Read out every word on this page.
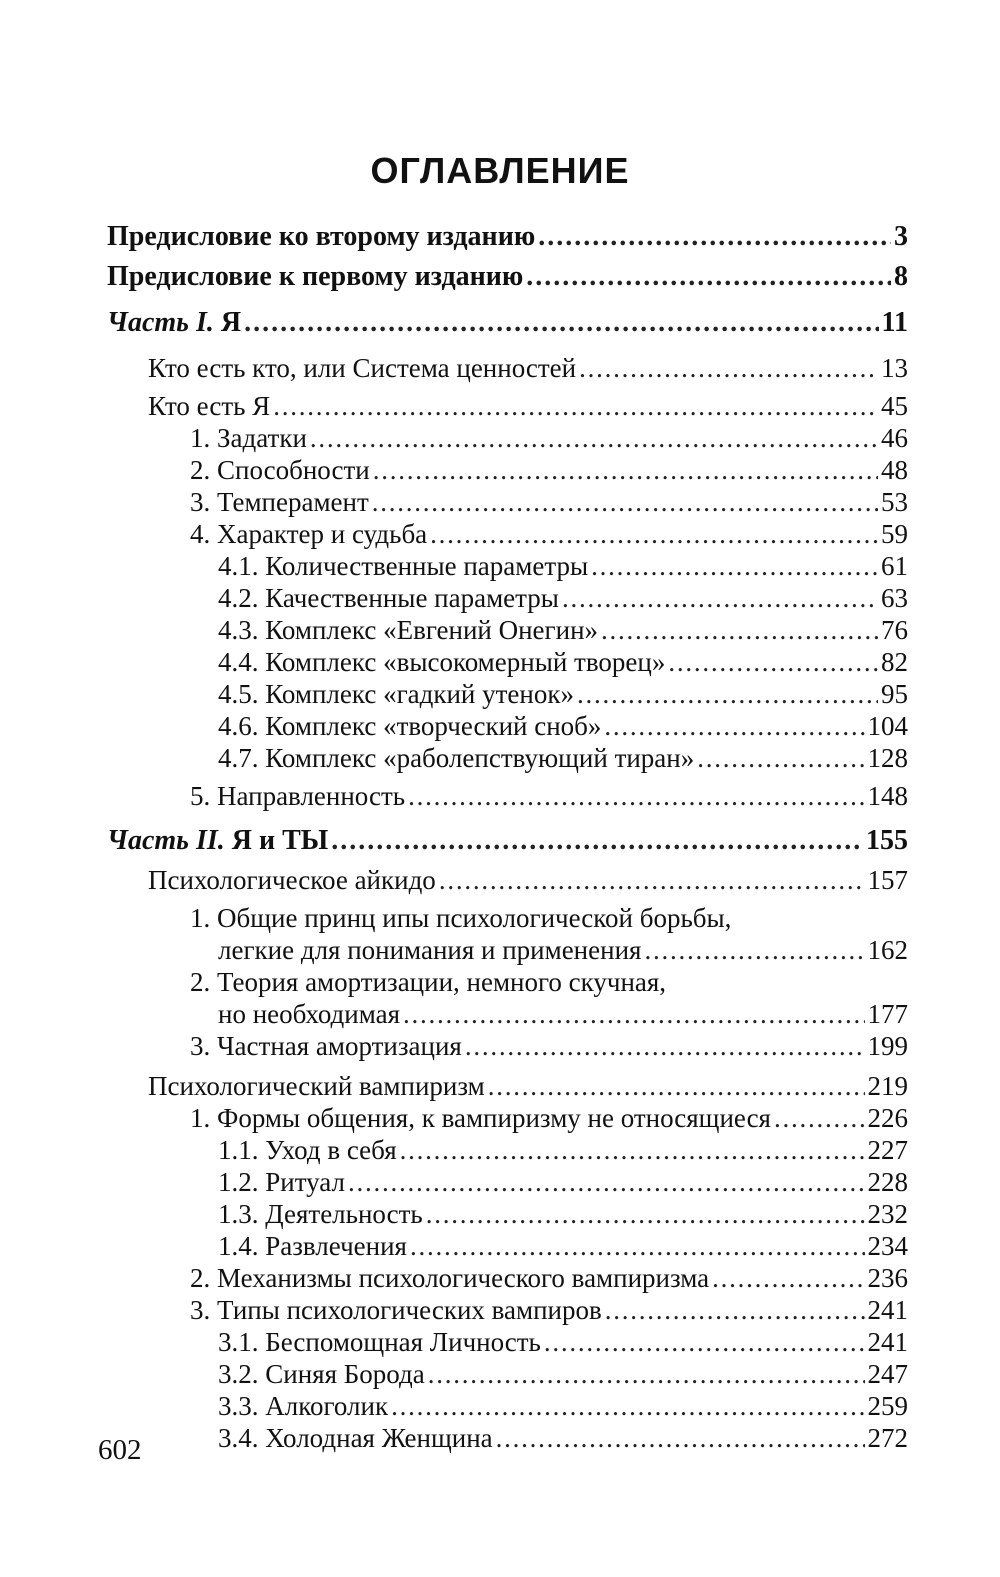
ОГЛАВЛЕНИЕ
Предисловие ко второму изданию . . .	3
Предисловие к первому изданию . . .	8
Часть I. Я . . .	11
Кто есть кто, или Система ценностей . . .	13
Кто есть Я . . .	45
1. Задатки . . .	46
2. Способности . . .	48
3. Темперамент . . .	53
4. Характер и судьба . . .	59
4.1. Количественные параметры . . .	61
4.2. Качественные параметры . . .	63
4.3. Комплекс «Евгений Онегин» . . .	76
4.4. Комплекс «высокомерный творец» . . .	82
4.5. Комплекс «гадкий утенок» . . .	95
4.6. Комплекс «творческий сноб» . . .	104
4.7. Комплекс «раболепствующий тиран» . . .	128
5. Направленность . . .	148
Часть II. Я и ТЫ . . .	155
Психологическое айкидо . . .	157
1. Общие принц ипы психологической борьбы,
легкие для понимания и применения . . .	162
2. Теория амортизации, немного скучная,
но необходимая . . .	177
3. Частная амортизация . . .	199
Психологический вампиризм . . .	219
1. Формы общения, к вампиризму не относящиеся . . .	226
1.1. Уход в себя . . .	227
1.2. Ритуал . . .	228
1.3. Деятельность . . .	232
1.4. Развлечения . . .	234
2. Механизмы психологического вампиризма . . .	236
3. Типы психологических вампиров . . .	241
3.1. Беспомощная Личность . . .	241
3.2. Синяя Борода . . .	247
3.3. Алкоголик . . .	259
3.4. Холодная Женщина . . .	272
602
